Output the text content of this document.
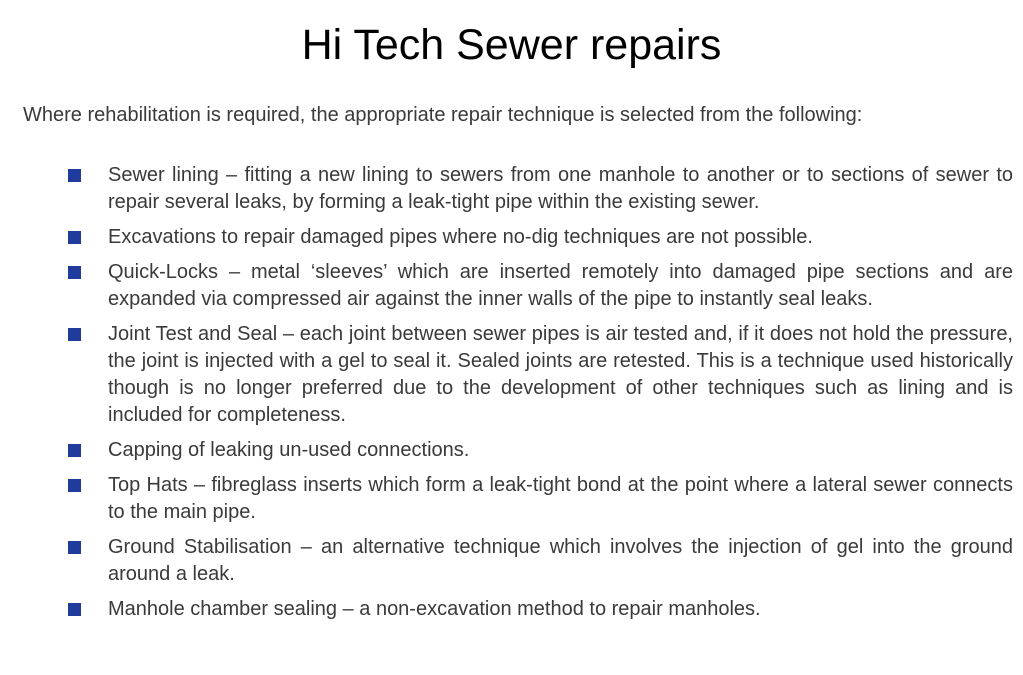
Hi Tech Sewer repairs

Where rehabilitation is required, the appropriate repair technique is selected from the following:

Sewer lining – fitting a new lining to sewers from one manhole to another or to sections of sewer to repair several leaks, by forming a leak-tight pipe within the existing sewer.
Excavations to repair damaged pipes where no-dig techniques are not possible.
Quick-Locks – metal ‘sleeves’ which are inserted remotely into damaged pipe sections and are expanded via compressed air against the inner walls of the pipe to instantly seal leaks.
Joint Test and Seal – each joint between sewer pipes is air tested and, if it does not hold the pressure, the joint is injected with a gel to seal it. Sealed joints are retested. This is a technique used historically though is no longer preferred due to the development of other techniques such as lining and is included for completeness.
Capping of leaking un-used connections.
Top Hats – fibreglass inserts which form a leak-tight bond at the point where a lateral sewer connects to the main pipe.
Ground Stabilisation – an alternative technique which involves the injection of gel into the ground around a leak.
Manhole chamber sealing – a non-excavation method to repair manholes.
